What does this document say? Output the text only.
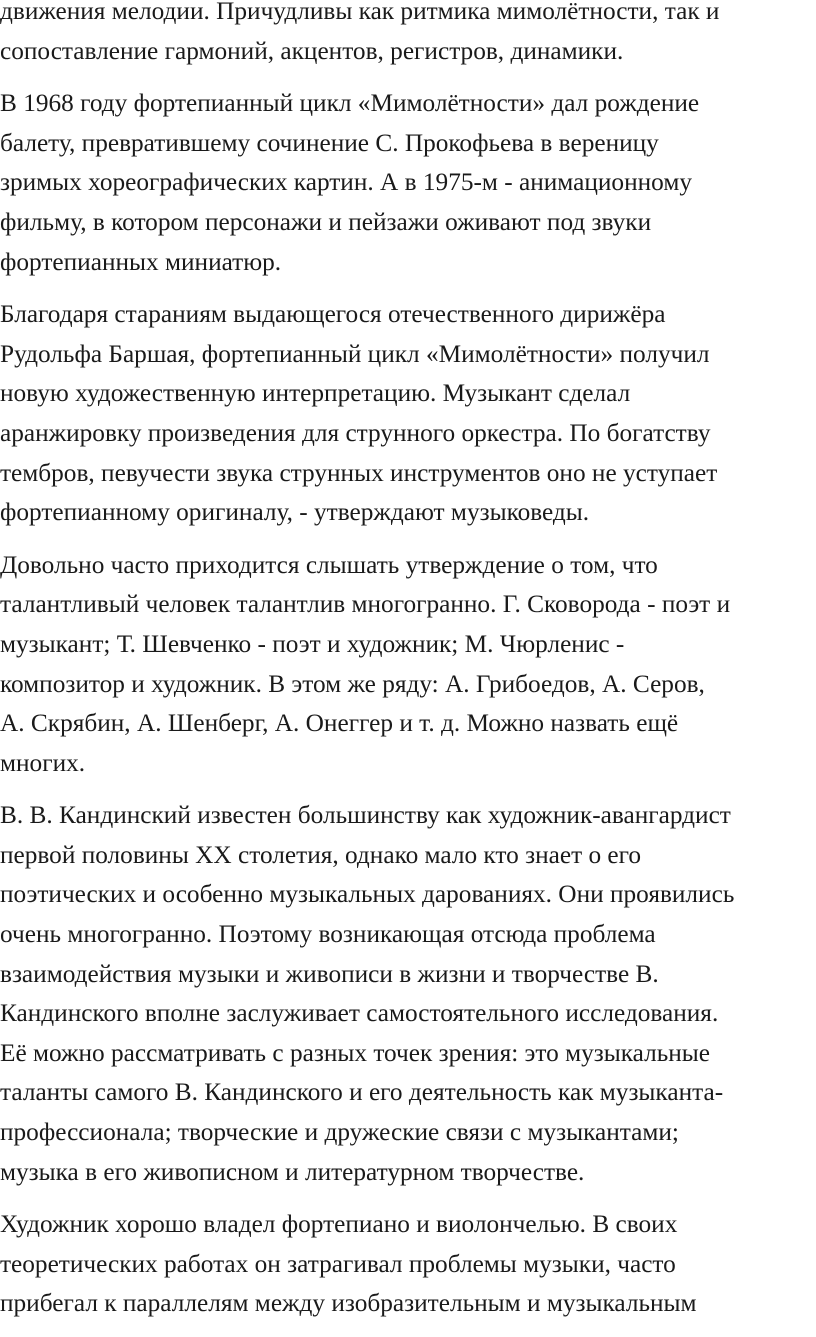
движения мелодии. Причудливы как ритмика мимолётности, так и
сопоставление гармоний, акцентов, регистров, динамики.

В 1968 году фортепианный цикл «Мимолётности» дал рождение
балету, превратившему сочинение С. Прокофьева в вереницу
зримых хореографических картин. А в 1975-м - анимационному
фильму, в котором персонажи и пейзажи оживают под звуки
фортепианных миниатюр.

Благодаря стараниям выдающегося отечественного дирижёра
Рудольфа Баршая, фортепианный цикл «Мимолётности» получил
новую художественную интерпретацию. Музыкант сделал
аранжировку произведения для струнного оркестра. По богатству
тембров, певучести звука струнных инструментов оно не уступает
фортепианному оригиналу, - утверждают музыковеды.

Довольно часто приходится слышать утверждение о том, что
талантливый человек талантлив многогранно. Г. Сковорода - поэт и
музыкант; Т. Шевченко - поэт и художник; М. Чюрленис -
композитор и художник. В этом же ряду: А. Грибоедов, А. Серов,
А. Скрябин, А. Шенберг, А. Онеггер и т. д. Можно назвать ещё
многих.

В. В. Кандинский известен большинству как художник-авангардист
первой половины XX столетия, однако мало кто знает о его
поэтических и особенно музыкальных дарованиях. Они проявились
очень многогранно. Поэтому возникающая отсюда проблема
взаимодействия музыки и живописи в жизни и творчестве В.
Кандинского вполне заслуживает самостоятельного исследования.
Её можно рассматривать с разных точек зрения: это музыкальные
таланты самого В. Кандинского и его деятельность как музыканта-
профессионала; творческие и дружеские связи с музыкантами;
музыка в его живописном и литературном творчестве.

Художник хорошо владел фортепиано и виолончелью. В своих
теоретических работах он затрагивал проблемы музыки, часто
прибегал к параллелям между изобразительным и музыкальным
